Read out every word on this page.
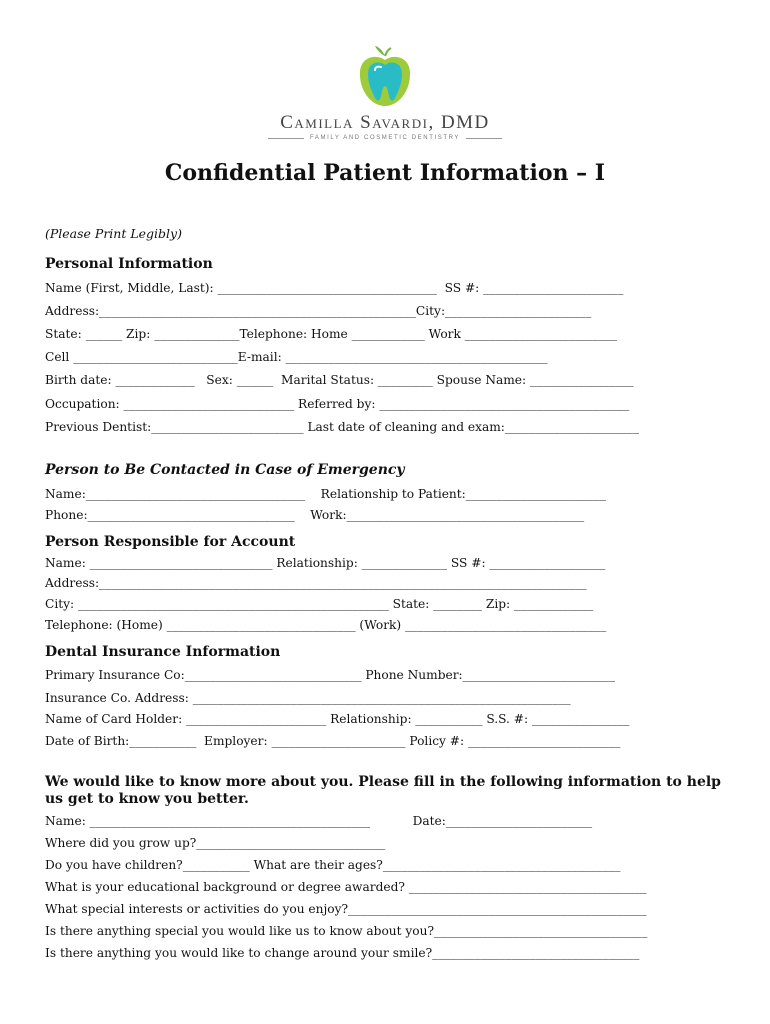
Camilla Savardi, DMD
FAMILY AND COSMETIC DENTISTRY
Confidential Patient Information – I
(Please Print Legibly)
Personal Information
Name (First, Middle, Last): ____________________________________  SS #: _______________________
Address:____________________________________________________City:________________________
State: ______ Zip: ______________Telephone: Home ____________ Work _________________________
Cell ___________________________E-mail: ___________________________________________
Birth date: _____________   Sex: ______  Marital Status: _________ Spouse Name: _________________
Occupation: ____________________________ Referred by: _________________________________________
Previous Dentist:_________________________ Last date of cleaning and exam:______________________
Person to Be Contacted in Case of Emergency
Name:____________________________________    Relationship to Patient:_______________________
Phone:__________________________________    Work:_______________________________________
Person Responsible for Account
Name: ______________________________ Relationship: ______________ SS #: ___________________
Address:________________________________________________________________________________
City: ___________________________________________________ State: ________ Zip: _____________
Telephone: (Home) _______________________________ (Work) _________________________________
Dental Insurance Information
Primary Insurance Co:_____________________________ Phone Number:_________________________
Insurance Co. Address: ______________________________________________________________
Name of Card Holder: _______________________ Relationship: ___________ S.S. #: ________________
Date of Birth:___________  Employer: ______________________ Policy #: _________________________
We would like to know more about you. Please fill in the following information to help us get to know you better.
Name: ______________________________________________           Date:________________________
Where did you grow up?_______________________________
Do you have children?___________ What are their ages?_______________________________________
What is your educational background or degree awarded? _______________________________________
What special interests or activities do you enjoy?_________________________________________________
Is there anything special you would like us to know about you?___________________________________
Is there anything you would like to change around your smile?__________________________________
